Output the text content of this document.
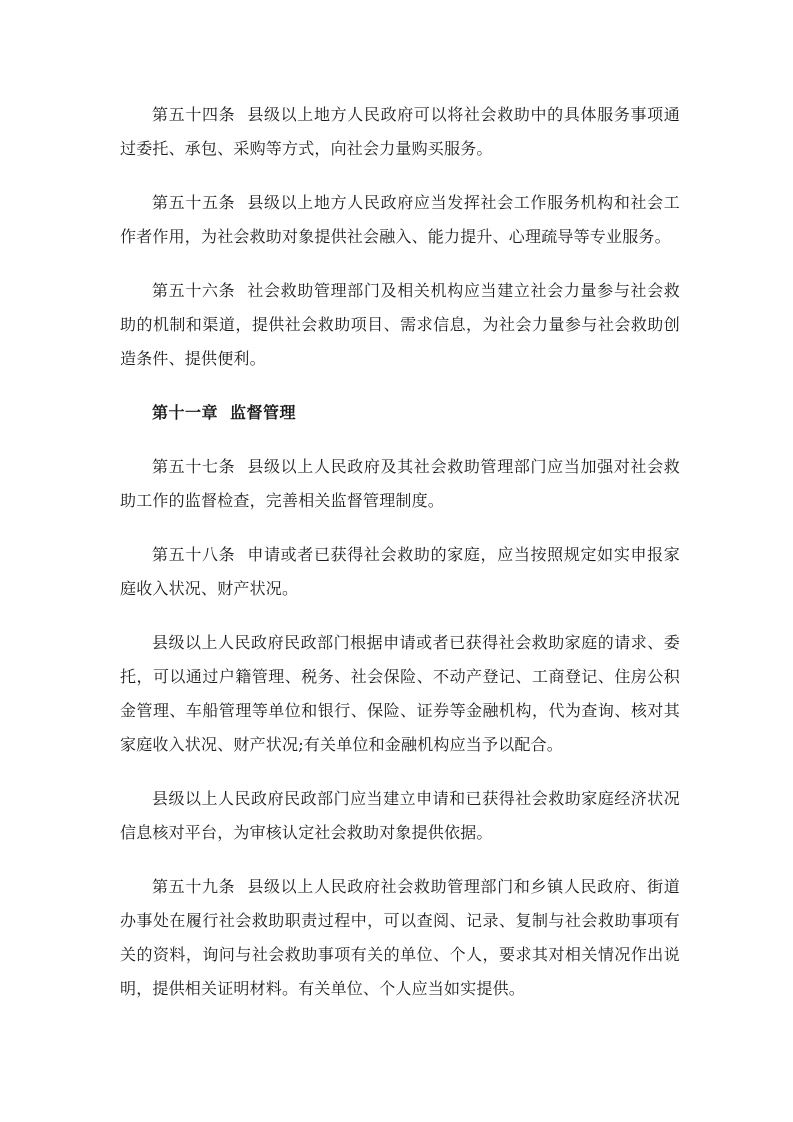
第五十四条 县级以上地方人民政府可以将社会救助中的具体服务事项通过委托、承包、采购等方式，向社会力量购买服务。

第五十五条 县级以上地方人民政府应当发挥社会工作服务机构和社会工作者作用，为社会救助对象提供社会融入、能力提升、心理疏导等专业服务。

第五十六条 社会救助管理部门及相关机构应当建立社会力量参与社会救助的机制和渠道，提供社会救助项目、需求信息，为社会力量参与社会救助创造条件、提供便利。

第十一章 监督管理

第五十七条 县级以上人民政府及其社会救助管理部门应当加强对社会救助工作的监督检查，完善相关监督管理制度。

第五十八条 申请或者已获得社会救助的家庭，应当按照规定如实申报家庭收入状况、财产状况。

县级以上人民政府民政部门根据申请或者已获得社会救助家庭的请求、委托，可以通过户籍管理、税务、社会保险、不动产登记、工商登记、住房公积金管理、车船管理等单位和银行、保险、证券等金融机构，代为查询、核对其家庭收入状况、财产状况;有关单位和金融机构应当予以配合。

县级以上人民政府民政部门应当建立申请和已获得社会救助家庭经济状况信息核对平台，为审核认定社会救助对象提供依据。

第五十九条 县级以上人民政府社会救助管理部门和乡镇人民政府、街道办事处在履行社会救助职责过程中，可以查阅、记录、复制与社会救助事项有关的资料，询问与社会救助事项有关的单位、个人，要求其对相关情况作出说明，提供相关证明材料。有关单位、个人应当如实提供。
